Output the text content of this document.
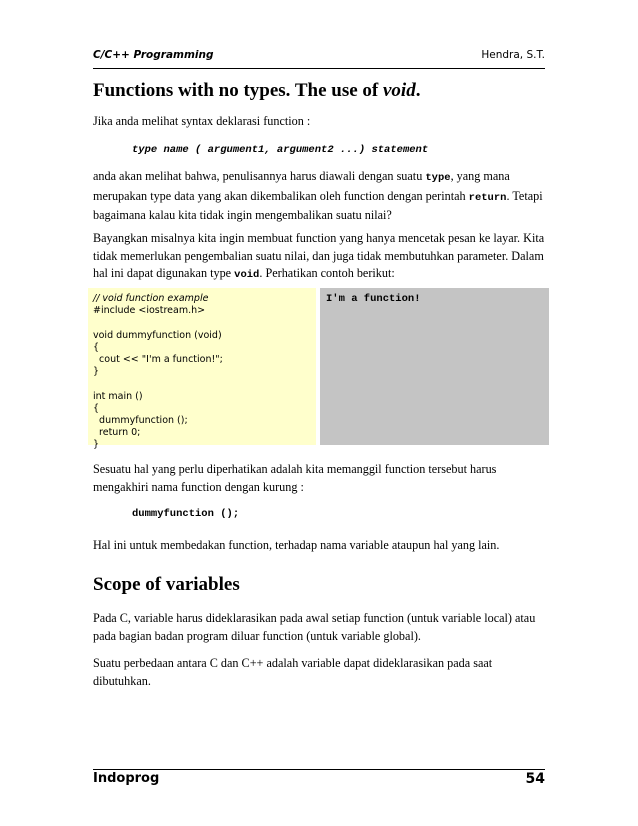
C/C++ Programming	Hendra, S.T.
Functions with no types. The use of void.
Jika anda melihat syntax deklarasi function :
type name ( argument1, argument2 ...) statement
anda akan melihat bahwa, penulisannya harus diawali dengan suatu type, yang mana merupakan type data yang akan dikembalikan oleh function dengan perintah return. Tetapi bagaimana kalau kita tidak ingin mengembalikan suatu nilai?
Bayangkan misalnya kita ingin membuat function yang hanya mencetak pesan ke layar. Kita tidak memerlukan pengembalian suatu nilai, dan juga tidak membutuhkan parameter. Dalam hal ini dapat digunakan type void. Perhatikan contoh berikut:
// void function example
#include <iostream.h>
void dummyfunction (void)
{
cout << "I'm a function!";
}
int main ()
{
dummyfunction ();
return 0;
}
I'm a function!
Sesuatu hal yang perlu diperhatikan adalah kita memanggil function tersebut harus mengakhiri nama function dengan kurung :
dummyfunction ();
Hal ini untuk membedakan function, terhadap nama variable ataupun hal yang lain.
Scope of variables
Pada C, variable harus dideklarasikan pada awal setiap function (untuk variable local) atau pada bagian badan program diluar function (untuk variable global).
Suatu perbedaan antara C dan C++ adalah variable dapat dideklarasikan pada saat dibutuhkan.
Indoprog	54
